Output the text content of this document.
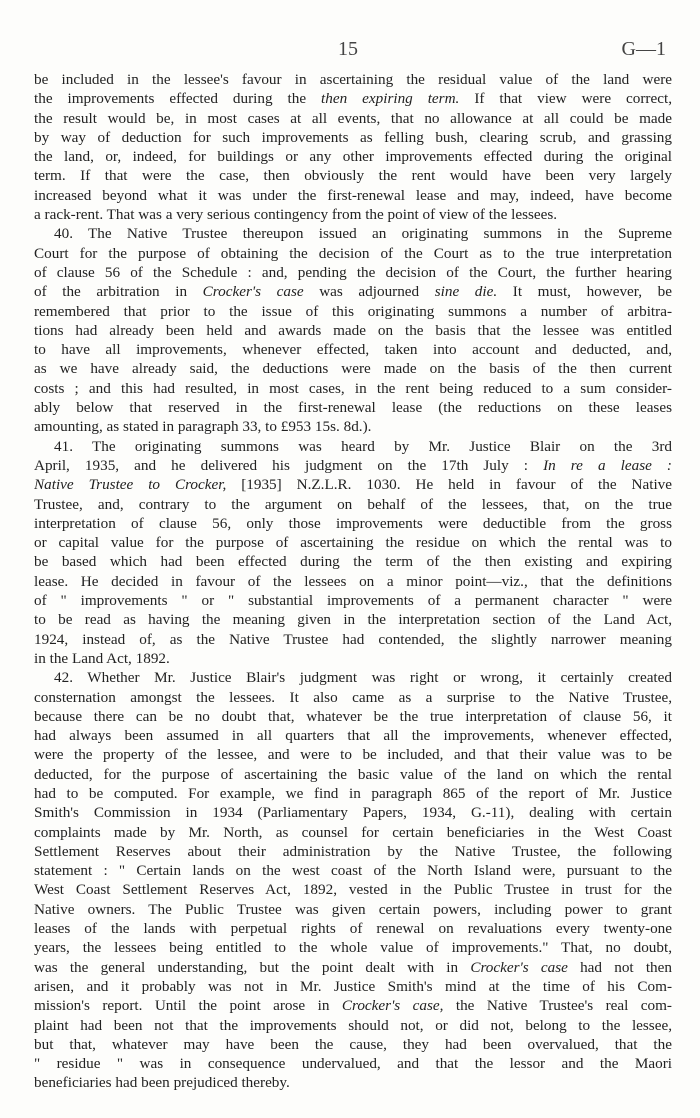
15	G—1
be included in the lessee's favour in ascertaining the residual value of the land were
the improvements effected during the then expiring term. If that view were correct,
the result would be, in most cases at all events, that no allowance at all could be made
by way of deduction for such improvements as felling bush, clearing scrub, and grassing
the land, or, indeed, for buildings or any other improvements effected during the original
term. If that were the case, then obviously the rent would have been very largely
increased beyond what it was under the first-renewal lease and may, indeed, have become
a rack-rent. That was a very serious contingency from the point of view of the lessees.
40. The Native Trustee thereupon issued an originating summons in the Supreme
Court for the purpose of obtaining the decision of the Court as to the true interpretation
of clause 56 of the Schedule : and, pending the decision of the Court, the further hearing
of the arbitration in Crocker's case was adjourned sine die. It must, however, be
remembered that prior to the issue of this originating summons a number of arbitra-
tions had already been held and awards made on the basis that the lessee was entitled
to have all improvements, whenever effected, taken into account and deducted, and,
as we have already said, the deductions were made on the basis of the then current
costs ; and this had resulted, in most cases, in the rent being reduced to a sum consider-
ably below that reserved in the first-renewal lease (the reductions on these leases
amounting, as stated in paragraph 33, to £953 15s. 8d.).
41. The originating summons was heard by Mr. Justice Blair on the 3rd
April, 1935, and he delivered his judgment on the 17th July : In re a lease :
Native Trustee to Crocker, [1935] N.Z.L.R. 1030. He held in favour of the Native
Trustee, and, contrary to the argument on behalf of the lessees, that, on the true
interpretation of clause 56, only those improvements were deductible from the gross
or capital value for the purpose of ascertaining the residue on which the rental was to
be based which had been effected during the term of the then existing and expiring
lease. He decided in favour of the lessees on a minor point—viz., that the definitions
of " improvements " or " substantial improvements of a permanent character " were
to be read as having the meaning given in the interpretation section of the Land Act,
1924, instead of, as the Native Trustee had contended, the slightly narrower meaning
in the Land Act, 1892.
42. Whether Mr. Justice Blair's judgment was right or wrong, it certainly created
consternation amongst the lessees. It also came as a surprise to the Native Trustee,
because there can be no doubt that, whatever be the true interpretation of clause 56, it
had always been assumed in all quarters that all the improvements, whenever effected,
were the property of the lessee, and were to be included, and that their value was to be
deducted, for the purpose of ascertaining the basic value of the land on which the rental
had to be computed. For example, we find in paragraph 865 of the report of Mr. Justice
Smith's Commission in 1934 (Parliamentary Papers, 1934, G.-11), dealing with certain
complaints made by Mr. North, as counsel for certain beneficiaries in the West Coast
Settlement Reserves about their administration by the Native Trustee, the following
statement : " Certain lands on the west coast of the North Island were, pursuant to the
West Coast Settlement Reserves Act, 1892, vested in the Public Trustee in trust for the
Native owners. The Public Trustee was given certain powers, including power to grant
leases of the lands with perpetual rights of renewal on revaluations every twenty-one
years, the lessees being entitled to the whole value of improvements." That, no doubt,
was the general understanding, but the point dealt with in Crocker's case had not then
arisen, and it probably was not in Mr. Justice Smith's mind at the time of his Com-
mission's report. Until the point arose in Crocker's case, the Native Trustee's real com-
plaint had been not that the improvements should not, or did not, belong to the lessee,
but that, whatever may have been the cause, they had been overvalued, that the
" residue " was in consequence undervalued, and that the lessor and the Maori
beneficiaries had been prejudiced thereby.
